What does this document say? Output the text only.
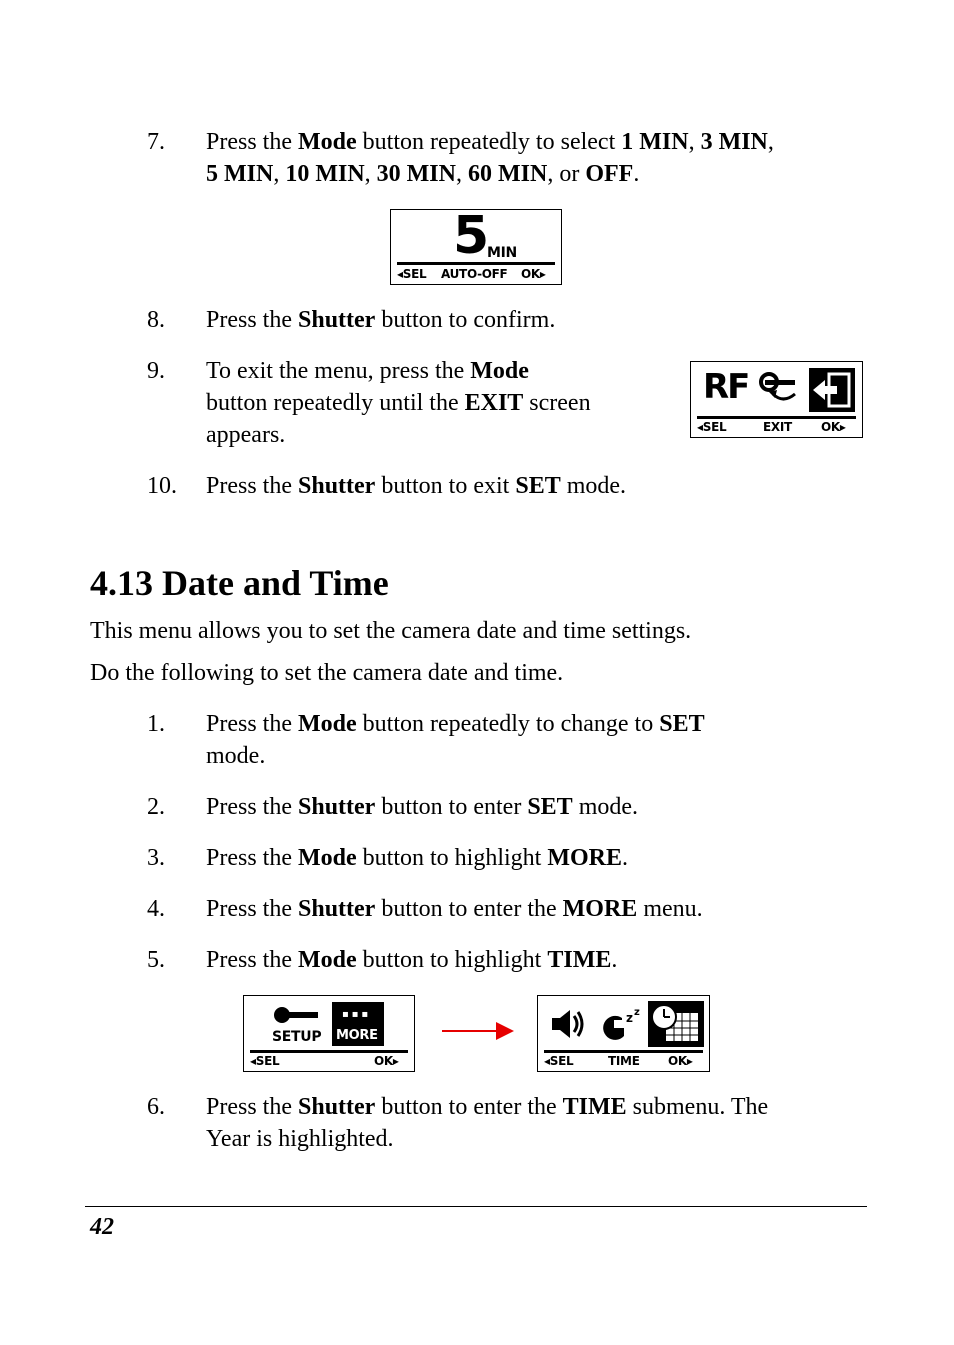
7.	Press the Mode button repeatedly to select 1 MIN, 3 MIN,
5 MIN, 10 MIN, 30 MIN, 60 MIN, or OFF.
5
MIN
◂SEL AUTO-OFF OK▸
8.	Press the Shutter button to confirm.
9.	To exit the menu, press the Mode
button repeatedly until the EXIT screen
appears.
RF
◂SEL	EXIT OK▸
10.	Press the Shutter button to exit SET mode.
4.13 Date and Time
This menu allows you to set the camera date and time settings.
Do the following to set the camera date and time.
1.	Press the Mode button repeatedly to change to SET
mode.
2.	Press the Shutter button to enter SET mode.
3.	Press the Mode button to highlight MORE.
4.	Press the Shutter button to enter the MORE menu.
5.	Press the Mode button to highlight TIME.
SETUP
▪ ▪ ▪
MORE
◂SEL	OK▸
z z
◂SEL	TIME OK▸
6.	Press the Shutter button to enter the TIME submenu. The
Year is highlighted.
42
